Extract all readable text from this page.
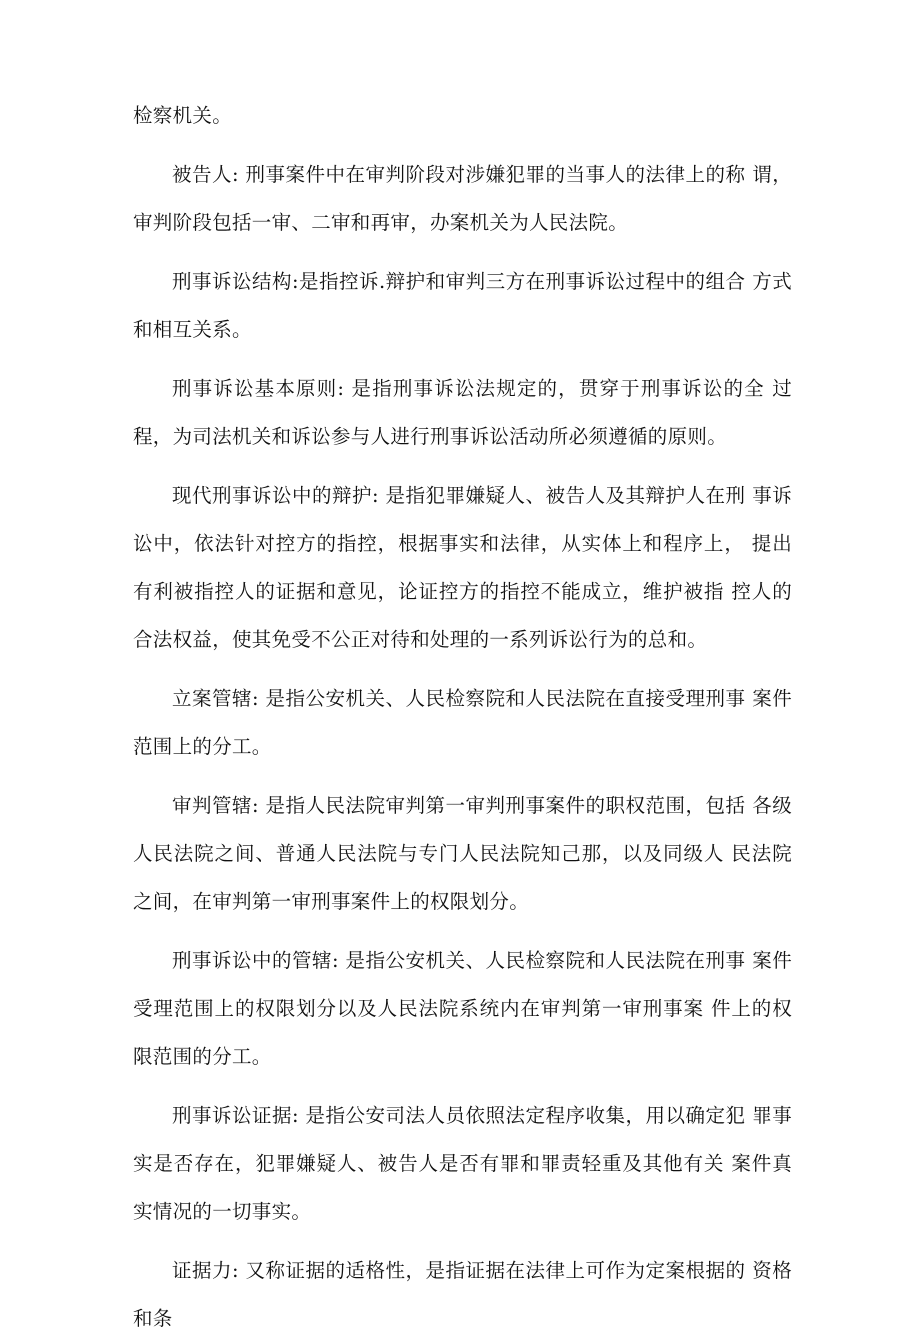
检察机关。

被告人: 刑事案件中在审判阶段对涉嫌犯罪的当事人的法律上的称 谓，审判阶段包括一审、二审和再审，办案机关为人民法院。

刑事诉讼结构:是指控诉.辩护和审判三方在刑事诉讼过程中的组合 方式和相互关系。

刑事诉讼基本原则: 是指刑事诉讼法规定的，贯穿于刑事诉讼的全 过程，为司法机关和诉讼参与人进行刑事诉讼活动所必须遵循的原则。

现代刑事诉讼中的辩护: 是指犯罪嫌疑人、被告人及其辩护人在刑 事诉讼中，依法针对控方的指控，根据事实和法律，从实体上和程序上， 提出有利被指控人的证据和意见，论证控方的指控不能成立，维护被指 控人的合法权益，使其免受不公正对待和处理的一系列诉讼行为的总和。

立案管辖: 是指公安机关、人民检察院和人民法院在直接受理刑事 案件范围上的分工。

审判管辖: 是指人民法院审判第一审判刑事案件的职权范围，包括 各级人民法院之间、普通人民法院与专门人民法院知己那，以及同级人 民法院之间，在审判第一审刑事案件上的权限划分。

刑事诉讼中的管辖: 是指公安机关、人民检察院和人民法院在刑事 案件受理范围上的权限划分以及人民法院系统内在审判第一审刑事案 件上的权限范围的分工。

刑事诉讼证据: 是指公安司法人员依照法定程序收集，用以确定犯 罪事实是否存在，犯罪嫌疑人、被告人是否有罪和罪责轻重及其他有关 案件真实情况的一切事实。

证据力: 又称证据的适格性，是指证据在法律上可作为定案根据的 资格和条
